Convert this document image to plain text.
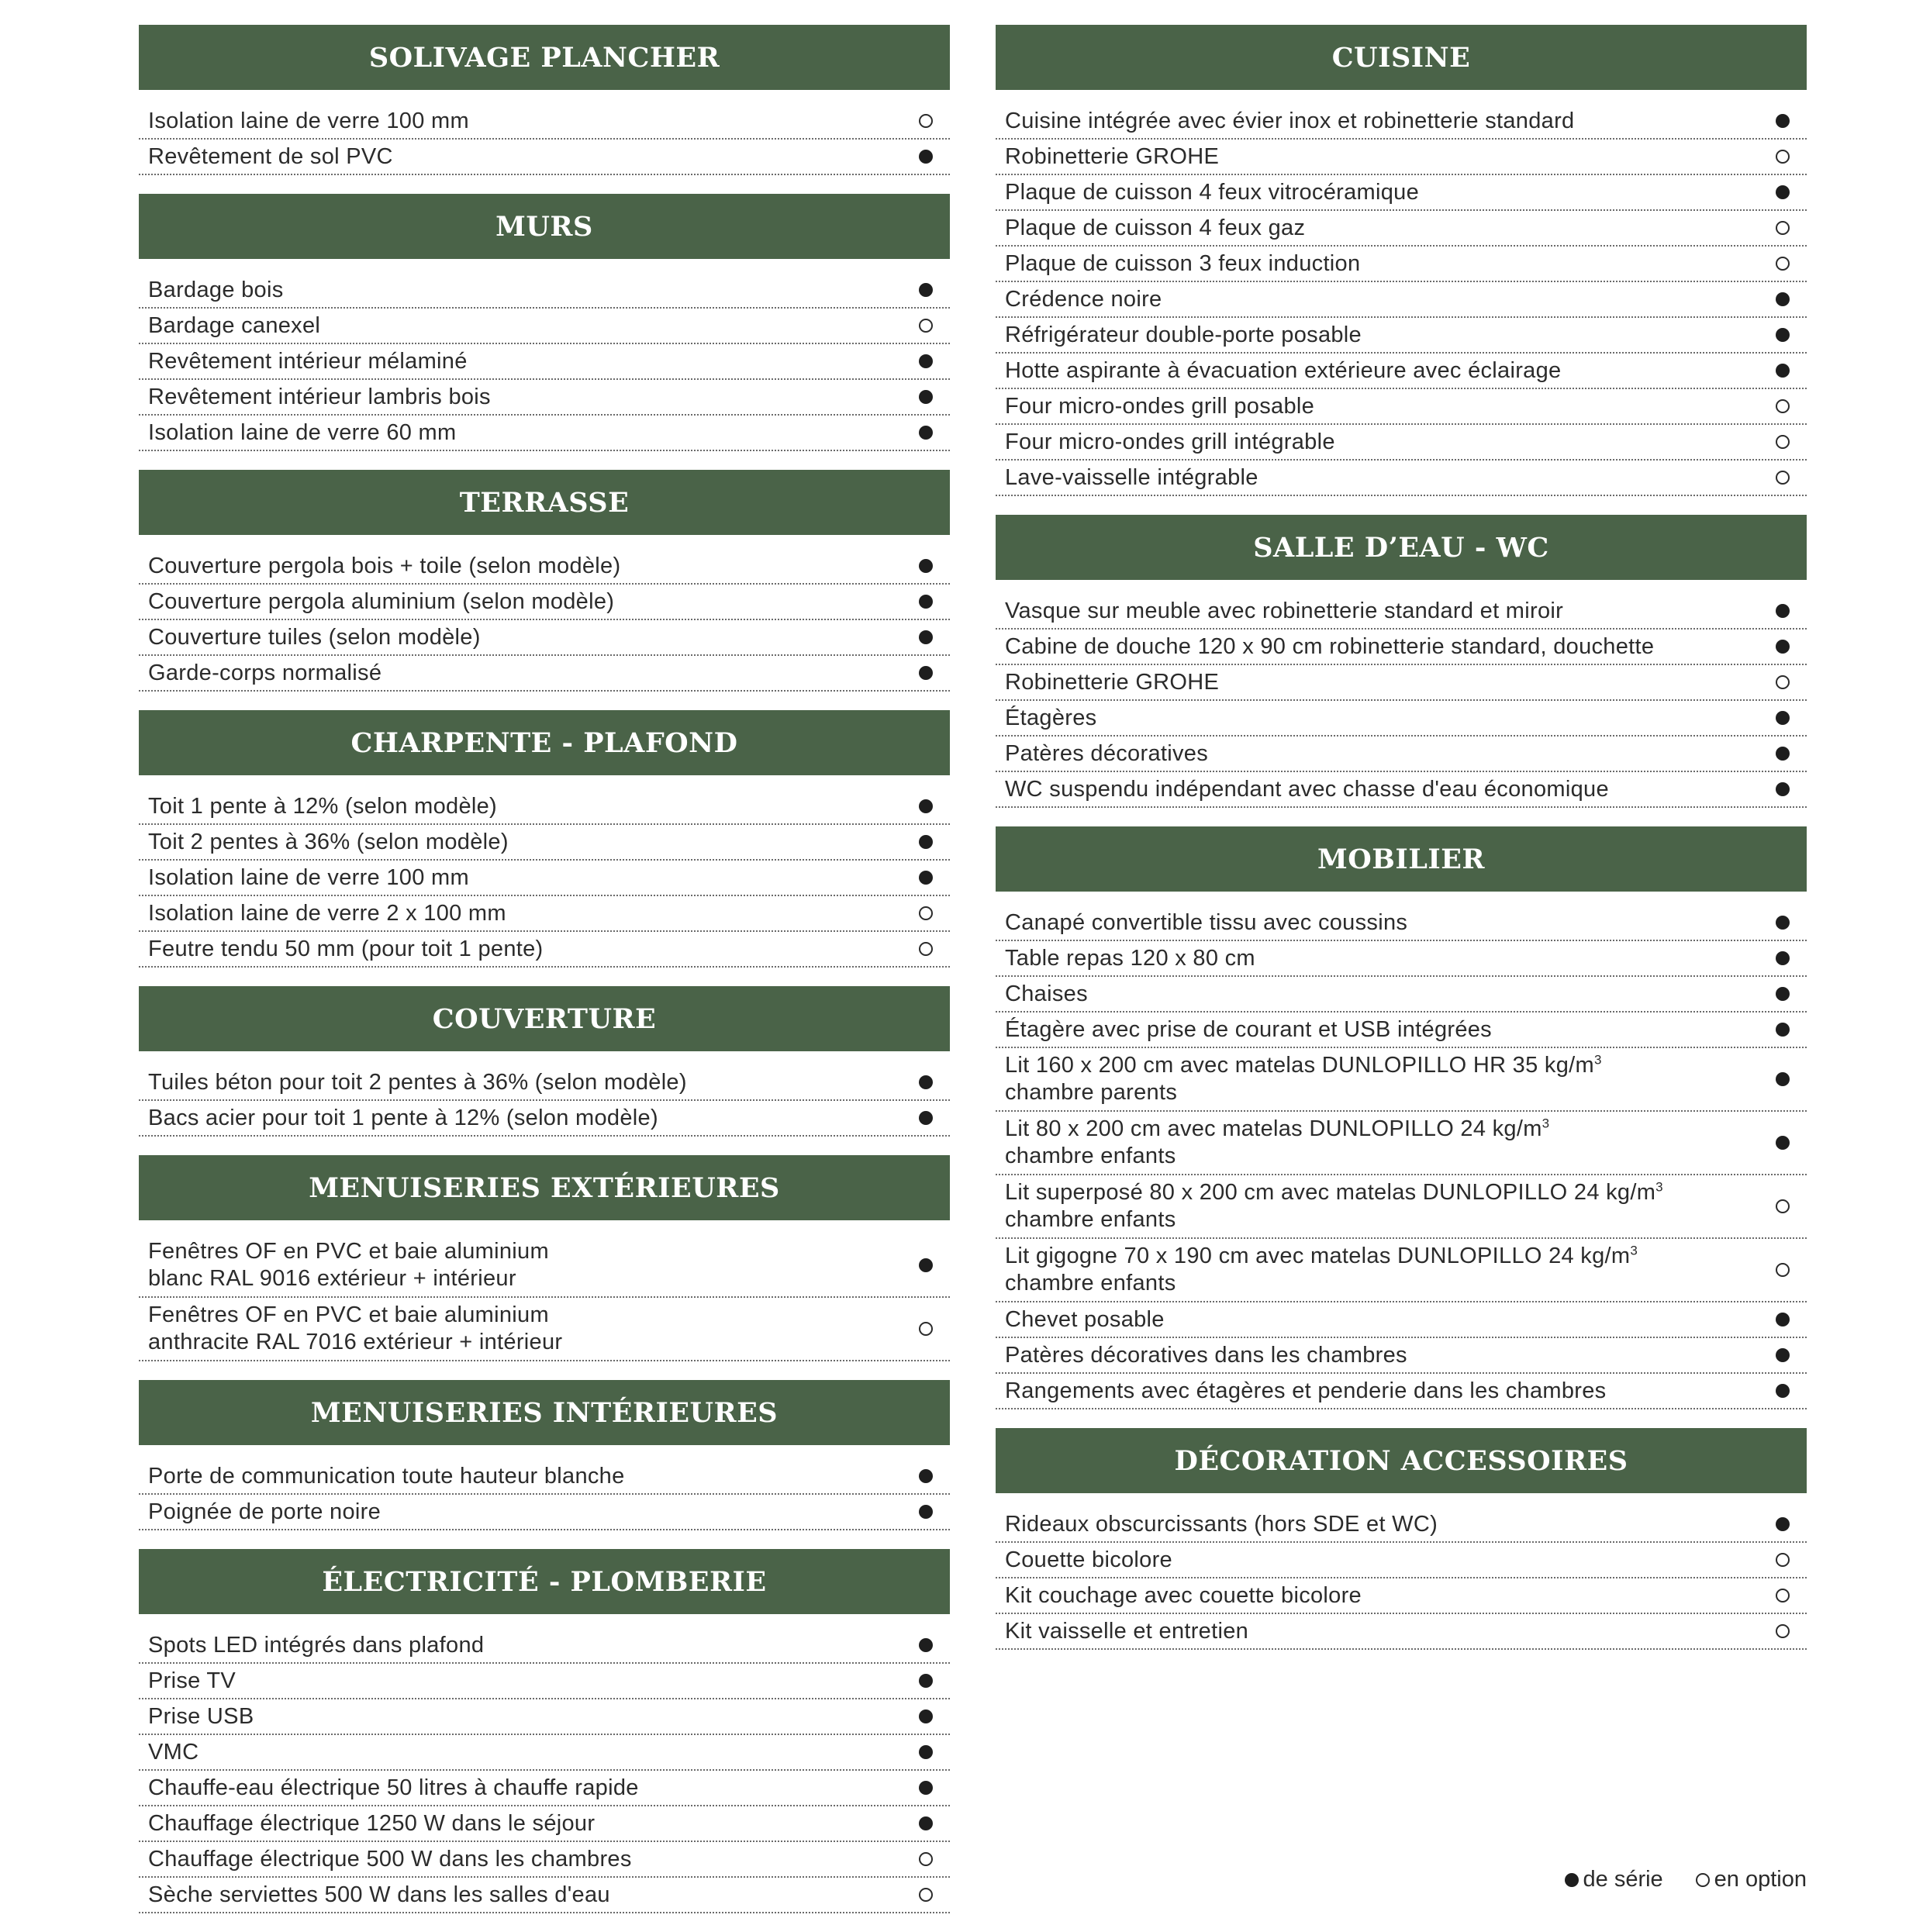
SOLIVAGE PLANCHER
Isolation laine de verre 100 mm
Revêtement de sol PVC
MURS
Bardage bois
Bardage canexel
Revêtement intérieur mélaminé
Revêtement intérieur lambris bois
Isolation laine de verre 60 mm
TERRASSE
Couverture pergola bois + toile (selon modèle)
Couverture pergola aluminium (selon modèle)
Couverture tuiles (selon modèle)
Garde-corps normalisé
CHARPENTE - PLAFOND
Toit 1 pente à 12% (selon modèle)
Toit 2 pentes à 36% (selon modèle)
Isolation laine de verre 100 mm
Isolation laine de verre 2 x 100 mm
Feutre tendu 50 mm (pour toit 1 pente)
COUVERTURE
Tuiles béton pour toit 2 pentes à 36% (selon modèle)
Bacs acier pour toit 1 pente à 12% (selon modèle)
MENUISERIES EXTÉRIEURES
Fenêtres OF en PVC et baie aluminium
blanc RAL 9016 extérieur + intérieur
Fenêtres OF en PVC et baie aluminium
anthracite RAL 7016 extérieur + intérieur
MENUISERIES INTÉRIEURES
Porte de communication toute hauteur blanche
Poignée de porte noire
ÉLECTRICITÉ - PLOMBERIE
Spots LED intégrés dans plafond
Prise TV
Prise USB
VMC
Chauffe-eau électrique 50 litres à chauffe rapide
Chauffage électrique 1250 W dans le séjour
Chauffage électrique 500 W dans les chambres
Sèche serviettes 500 W dans les salles d'eau
CUISINE
Cuisine intégrée avec évier inox et robinetterie standard
Robinetterie GROHE
Plaque de cuisson 4 feux vitrocéramique
Plaque de cuisson 4 feux gaz
Plaque de cuisson 3 feux induction
Crédence noire
Réfrigérateur double-porte posable
Hotte aspirante à évacuation extérieure avec éclairage
Four micro-ondes grill posable
Four micro-ondes grill intégrable
Lave-vaisselle intégrable
SALLE D’EAU - WC
Vasque sur meuble avec robinetterie standard et miroir
Cabine de douche 120 x 90 cm robinetterie standard, douchette
Robinetterie GROHE
Étagères
Patères décoratives
WC suspendu indépendant avec chasse d'eau économique
MOBILIER
Canapé convertible tissu avec coussins
Table repas 120 x 80 cm
Chaises
Étagère avec prise de courant et USB intégrées
Lit 160 x 200 cm avec matelas DUNLOPILLO HR 35 $kg/m^3$
chambre parents
Lit 80 x 200 cm avec matelas DUNLOPILLO 24 $kg/m^3$
chambre enfants
Lit superposé 80 x 200 cm avec matelas DUNLOPILLO 24 $kg/m^3$
chambre enfants
Lit gigogne 70 x 190 cm avec matelas DUNLOPILLO 24 $kg/m^3$
chambre enfants
Chevet posable
Patères décoratives dans les chambres
Rangements avec étagères et penderie dans les chambres
DÉCORATION ACCESSOIRES
Rideaux obscurcissants (hors SDE et WC)
Couette bicolore
Kit couchage avec couette bicolore
Kit vaisselle et entretien
de série en option
